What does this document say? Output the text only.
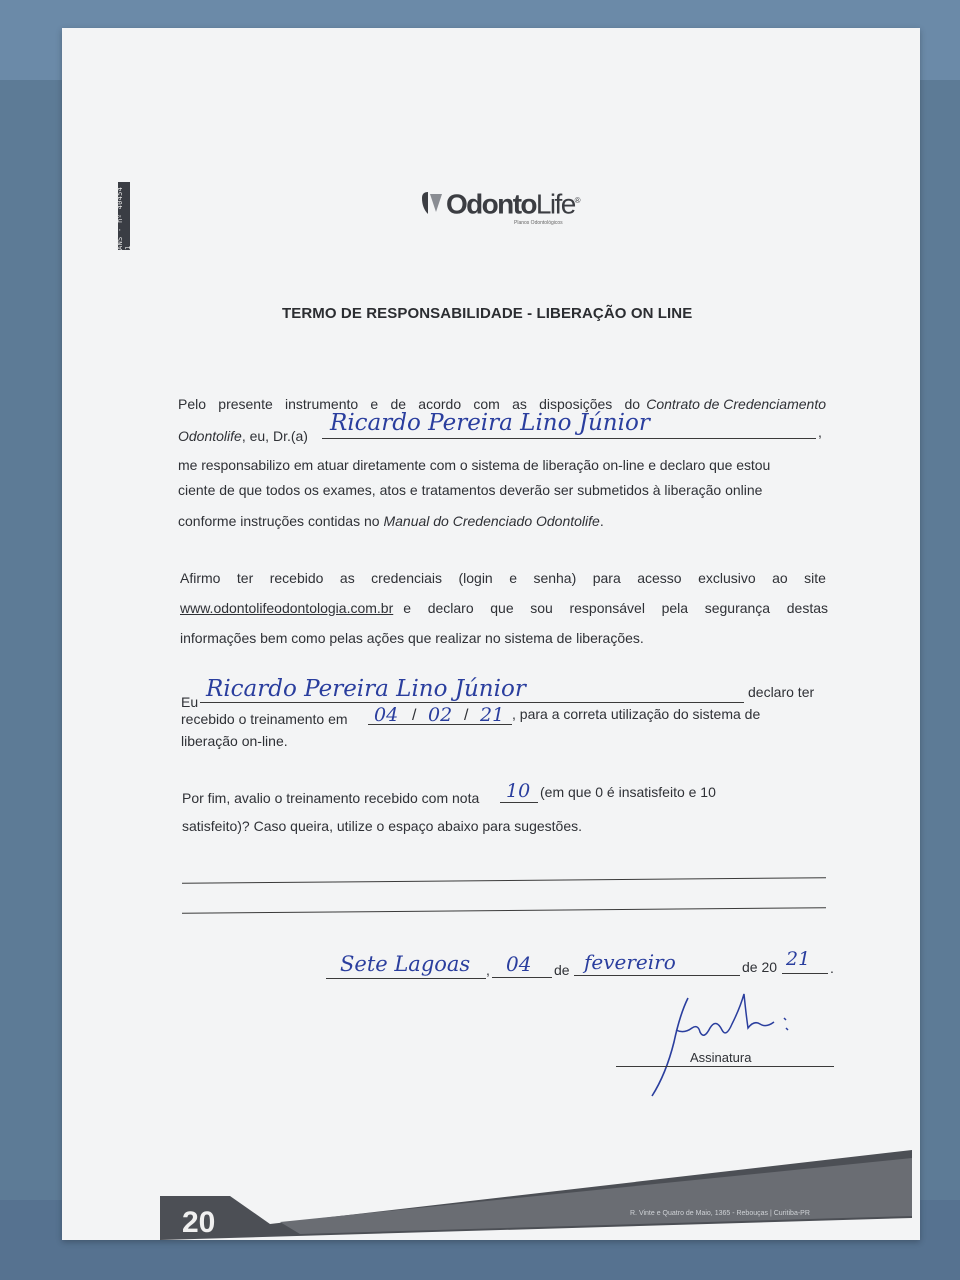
ANS - nº 40454 1
OdontoLife®
Planos Odontológicos
TERMO DE RESPONSABILIDADE - LIBERAÇÃO ON LINE
Pelo presente instrumento e de acordo com as disposições do Contrato de Credenciamento
Odontolife, eu, Dr.(a) Ricardo Pereira Lino Júnior	,
me responsabilizo em atuar diretamente com o sistema de liberação on-line e declaro que estou
ciente de que todos os exames, atos e tratamentos deverão ser submetidos à liberação online
conforme instruções contidas no Manual do Credenciado Odontolife.
Afirmo ter recebido as credenciais (login e senha) para acesso exclusivo ao site
www.odontolifeodontologia.com.br e declaro que sou responsável pela segurança destas
informações bem como pelas ações que realizar no sistema de liberações.
Eu Ricardo Pereira Lino Júnior	declaro ter
recebido o treinamento em 04 / 02 / 21 , para a correta utilização do sistema de
liberação on-line.
Por fim, avalio o treinamento recebido com nota 10 (em que 0 é insatisfeito e 10
satisfeito)? Caso queira, utilize o espaço abaixo para sugestões.
Sete Lagoas , 04 de fevereiro	de 20 21 .
Assinatura
20	R. Vinte e Quatro de Maio, 1365 - Rebouças | Curitiba-PR
